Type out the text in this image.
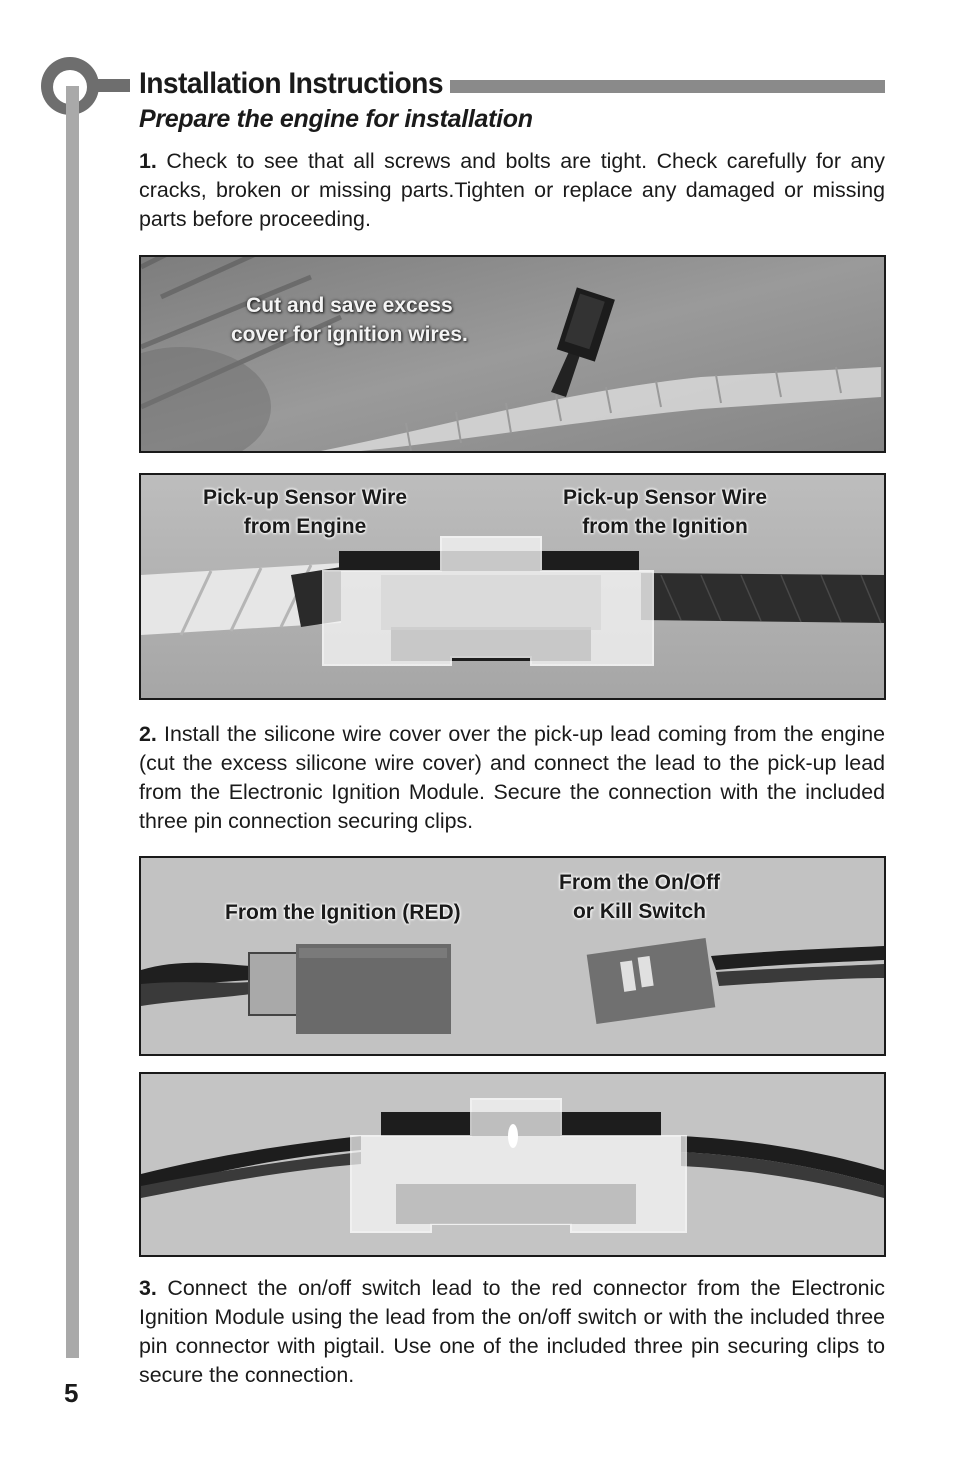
Installation Instructions
Prepare the engine for installation

1. Check to see that all screws and bolts are tight. Check carefully for any cracks, broken or missing parts.Tighten or replace any damaged or missing parts before proceeding.

Cut and save excess
cover for ignition wires.
Pick-up Sensor Wire
from Engine
Pick-up Sensor Wire
from the Ignition

2. Install the silicone wire cover over the pick-up lead coming from the engine (cut the excess silicone wire cover) and connect the lead to the pick-up lead from the Electronic Ignition Module. Secure the connection with the included three pin connection securing clips.

From the Ignition (RED)
From the On/Off
or Kill Switch

3. Connect the on/off switch lead to the red connector from the Electronic Ignition Module using the lead from the on/off switch or with the included three pin connector with pigtail. Use one of the included three pin securing clips to secure the connection.

5
